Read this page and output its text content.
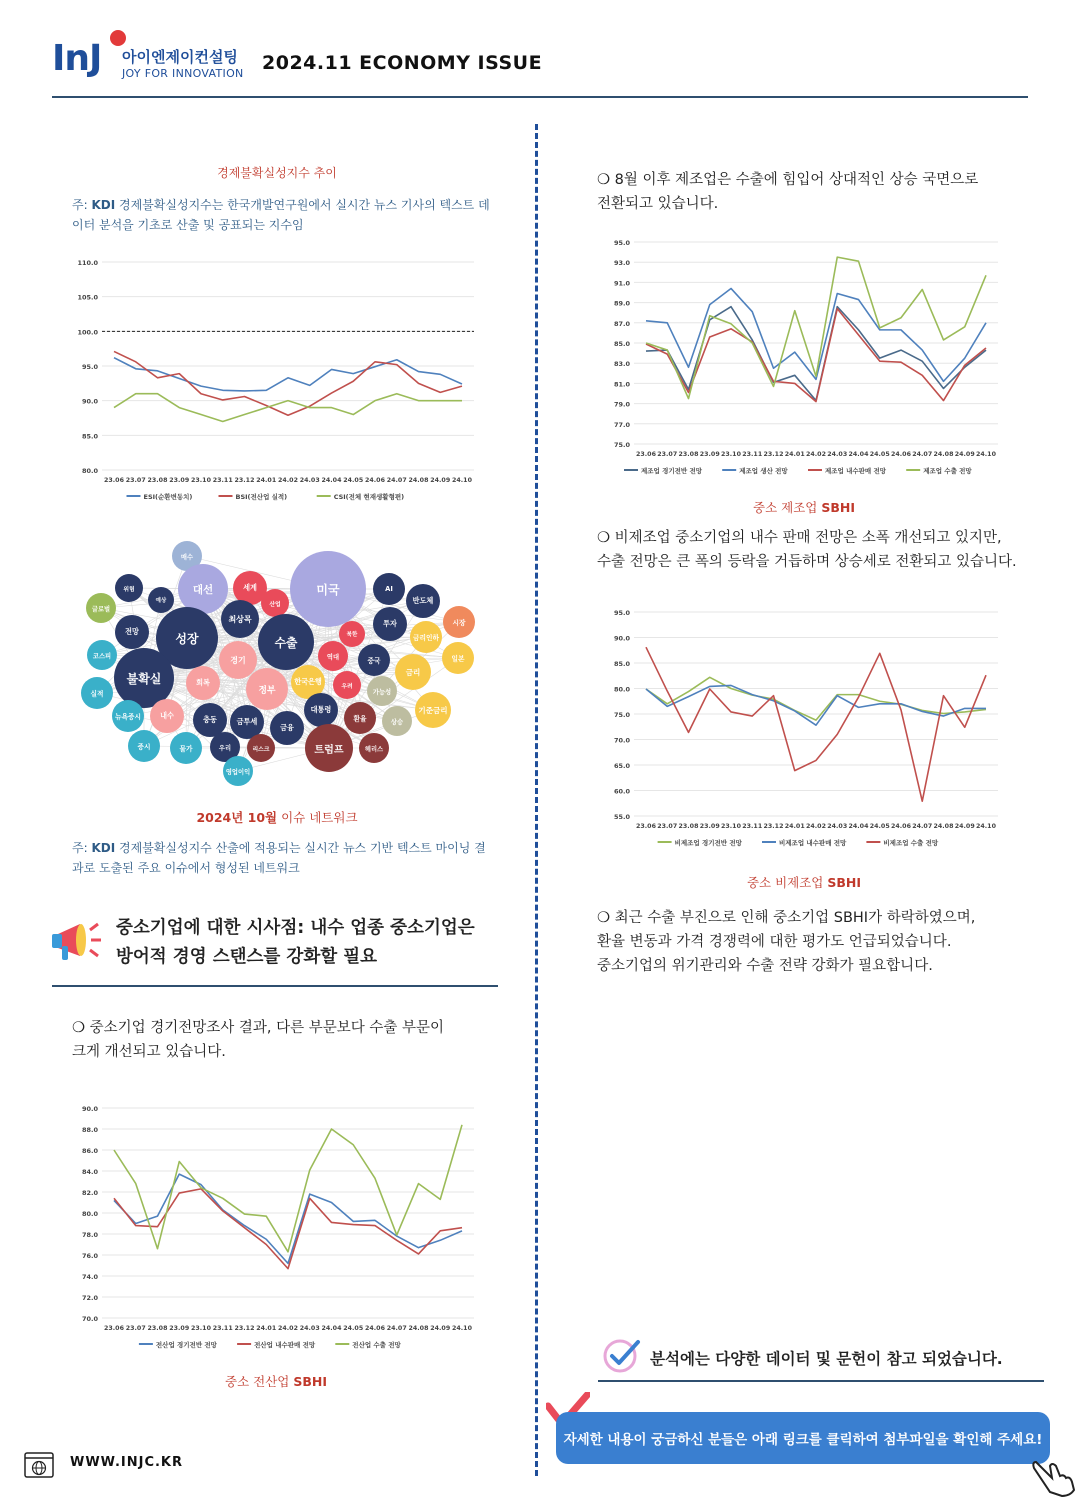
InJ 아이엔제이컨설팅
JOY FOR INNOVATION 2024.11 ECONOMY ISSUE
경제불확실성지수 추이
주: KDI 경제불확실성지수는 한국개발연구원에서 실시간 뉴스 기사의 텍스트 데이터 분석을 기초로 산출 및 공표되는 지수임
110.0
105.0
100.0
95.0
90.0
85.0
80.0
23.06 23.07 23.08 23.09 23.10 23.11 23.12 24.01 24.02 24.03 24.04 24.05 24.06 24.07 24.08 24.09 24.10
ESI(순환변동치)	BSI(전산업 실적)	CSI(전체 현재생활형편)
매수
위험
예상
대선	세계
산업
미국	AI
반도체
글로벌
전망	성장
최상목
수출
투자	시장
북한	금리인하
코스피	경기	역대	중국
금리
일본
불확실	회복
정부
한국은행
우려
가능성
실적
뉴욕증시	내수	충동
대통령
환율	상승
기준금리
금투세
금융
증시	물가	우리	리스크	트럼프	헤리스
영업이익
2024년 10월 이슈 네트워크
주: KDI 경제불확실성지수 산출에 적용되는 실시간 뉴스 기반 텍스트 마이닝 결과로 도출된 주요 이슈에서 형성된 네트워크
중소기업에 대한 시사점: 내수 업종 중소기업은
방어적 경영 스탠스를 강화할 필요
❍ 중소기업 경기전망조사 결과, 다른 부문보다 수출 부문이
크게 개선되고 있습니다.
90.0
88.0
86.0
84.0
82.0
80.0
78.0
76.0
74.0
72.0
70.0
23.06 23.07 23.08 23.09 23.10 23.11 23.12 24.01 24.02 24.03 24.04 24.05 24.06 24.07 24.08 24.09 24.10
전산업 경기전반 전망	전산업 내수판매 전망	전산업 수출 전망
중소 전산업 SBHI
❍ 8월 이후 제조업은 수출에 힘입어 상대적인 상승 국면으로
전환되고 있습니다.
95.0
93.0
91.0
89.0
87.0
85.0
83.0
81.0
79.0
77.0
75.0
23.06 23.07 23.08 23.09 23.10 23.11 23.12 24.01 24.02 24.03 24.04 24.05 24.06 24.07 24.08 24.09 24.10
제조업 경기전반 전망	제조업 생산 전망	제조업 내수판매 전망	제조업 수출 전망
중소 제조업 SBHI
❍ 비제조업 중소기업의 내수 판매 전망은 소폭 개선되고 있지만,
수출 전망은 큰 폭의 등락을 거듭하며 상승세로 전환되고 있습니다.
95.0
90.0
85.0
80.0
75.0
70.0
65.0
60.0
55.0
23.06 23.07 23.08 23.09 23.10 23.11 23.12 24.01 24.02 24.03 24.04 24.05 24.06 24.07 24.08 24.09 24.10
비제조업 경기전반 전망	비제조업 내수판매 전망	비제조업 수출 전망
중소 비제조업 SBHI
❍ 최근 수출 부진으로 인해 중소기업 SBHI가 하락하였으며,
환율 변동과 가격 경쟁력에 대한 평가도 언급되었습니다.
중소기업의 위기관리와 수출 전략 강화가 필요합니다.
분석에는 다양한 데이터 및 문헌이 참고 되었습니다.
자세한 내용이 궁금하신 분들은 아래 링크를 클릭하여 첨부파일을 확인해 주세요!
WWW.INJC.KR
